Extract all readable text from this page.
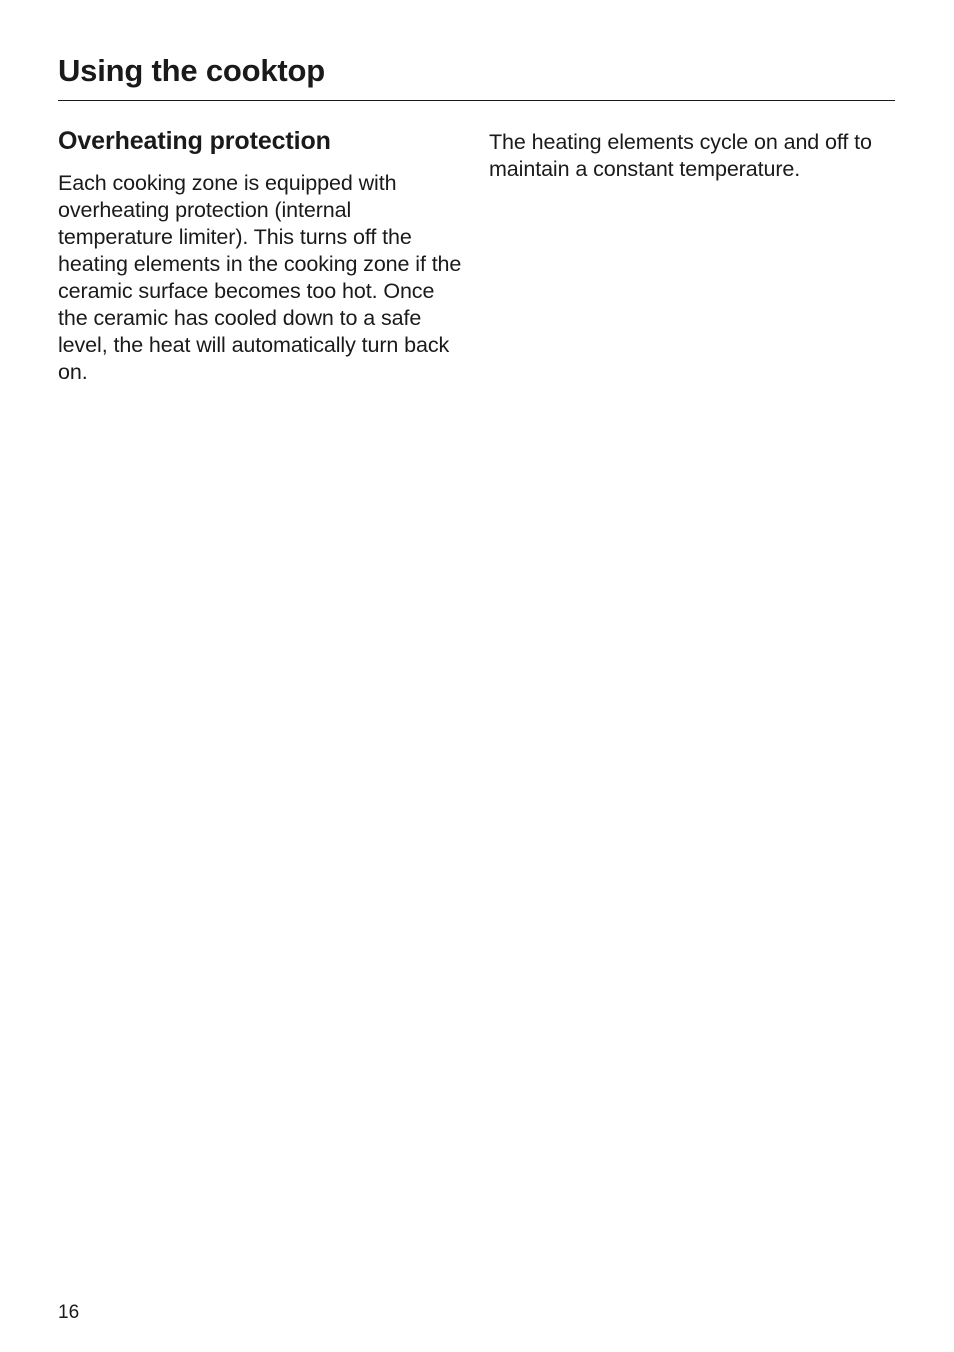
Using the cooktop
Overheating protection

Each cooking zone is equipped with overheating protection (internal temperature limiter). This turns off the heating elements in the cooking zone if the ceramic surface becomes too hot. Once the ceramic has cooled down to a safe level, the heat will automatically turn back on.

The heating elements cycle on and off to maintain a constant temperature.

16
